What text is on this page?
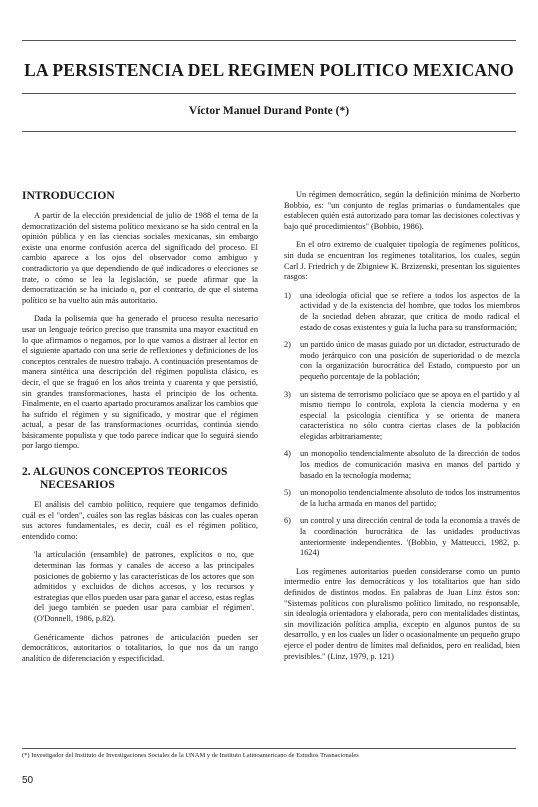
LA PERSISTENCIA DEL REGIMEN POLITICO MEXICANO
Víctor Manuel Durand Ponte (*)
INTRODUCCION

A partir de la elección presidencial de julio de 1988 el tema de la democratización del sistema político mexicano se ha sido central en la opinión pública y en las ciencias sociales mexicanas, sin embargo existe una enorme confusión acerca del significado del proceso. El cambio aparece a los ojos del observador como ambiguo y contradictorio ya que dependiendo de qué indicadores o elecciones se trate, o cómo se lea la legislación, se puede afirmar que la democratización se ha iniciado o, por el contrario, de que el sistema político se ha vuelto aún más autoritario.

Dada la polisemia que ha generado el proceso resulta necesario usar un lenguaje teórico preciso que transmita una mayor exactitud en lo que afirmamos o negamos, por lo que vamos a distraer al lector en el siguiente apartado con una serie de reflexiones y definiciones de los conceptos centrales de nuestro trabajo. A continuación presentamos de manera sintética una descripción del régimen populista clásico, es decir, el que se fraguó en los años treinta y cuarenta y que persistió, sin grandes transformaciones, hasta el principio de los ochenta. Finalmente, en el cuarto apartado procuramos analizar los cambios que ha sufrido el régimen y su significado, y mostrar que el régimen actual, a pesar de las transformaciones ocurridas, continúa siendo básicamente populista y que todo parece indicar que lo seguirá siendo por largo tiempo.

2. ALGUNOS CONCEPTOS TEORICOS
NECESARIOS

El análisis del cambio político, requiere que tengamos definido cuál es el "orden", cuáles son las reglas básicas con las cuales operan sus actores fundamentales, es decir, cuál es el régimen político, entendido como:

'la articulación (ensamble) de patrones, explícitos o no, que determinan las formas y canales de acceso a las principales posiciones de gobierno y las características de los actores que son admitidos y excluidos de dichos accesos, y los recursos y estrategias que ellos pueden usar para ganar el acceso, estas reglas del juego también se pueden usar para cambiar el régimen'. (O'Donnell, 1986, p.82).

Genéricamente dichos patrones de articulación pueden ser democráticos, autoritarios o totalitarios, lo que nos da un rango analítico de diferenciación y especificidad.

Un régimen democrático, según la definición mínima de Norberto Bobbio, es: "un conjunto de reglas primarias o fundamentales que establecen quién está autorizado para tomar las decisiones colectivas y bajo qué procedimientos" (Bobbio, 1986).

En el otro extremo de cualquier tipología de regímenes políticos, sin duda se encuentran los regímenes totalitarios, los cuales, según Carl J. Friedrich y de Zbigniew K. Brzizenski, presentan los siguientes rasgos:

1)	una ideología oficial que se refiere a todos los aspectos de la actividad y de la existencia del hombre, que todos los miembros de la sociedad deben abrazar, que critica de modo radical el estado de cosas existentes y guía la lucha para su transformación;
2)	un partido único de masas guiado por un dictador, estructurado de modo jerárquico con una posición de superioridad o de mezcla con la organización burocrática del Estado, compuesto por un pequeño porcentaje de la población;
3)	un sistema de terrorismo policíaco que se apoya en el partido y al mismo tiempo lo controla, explota la ciencia moderna y en especial la psicología científica y se orienta de manera característica no sólo contra ciertas clases de la población elegidas arbitrariamente;
4)	un monopolio tendencialmente absoluto de la dirección de todos los medios de comunicación masiva en manos del partido y basado en la tecnología moderna;
5)	un monopolio tendencialmente absoluto de todos los instrumentos de la lucha armada en manos del partido;
6)	un control y una dirección central de toda la economía a través de la coordinación burocrática de las unidades productivas anteriormente independientes. '(Bobbio, y Matteucci, 1982, p. 1624)

Los regímenes autoritarios pueden considerarse como un punto intermedio entre los democráticos y los totalitarios que han sido definidos de distintos modos. En palabras de Juan Linz éstos son: "Sistemas políticos con pluralismo político limitado, no responsable, sin ideología orientadora y elaborada, pero con mentalidades distintas, sin movilización política amplia, excepto en algunos puntos de su desarrollo, y en los cuales un líder o ocasionalmente un pequeño grupo ejerce el poder dentro de límites mal definidos, pero en realidad, bien previsibles." (Linz, 1979, p. 121)

(*) Investigador del Instituto de Investigaciones Sociales de la UNAM y de Instituto Latinoamericano de Estudios Trasnacionales
50
